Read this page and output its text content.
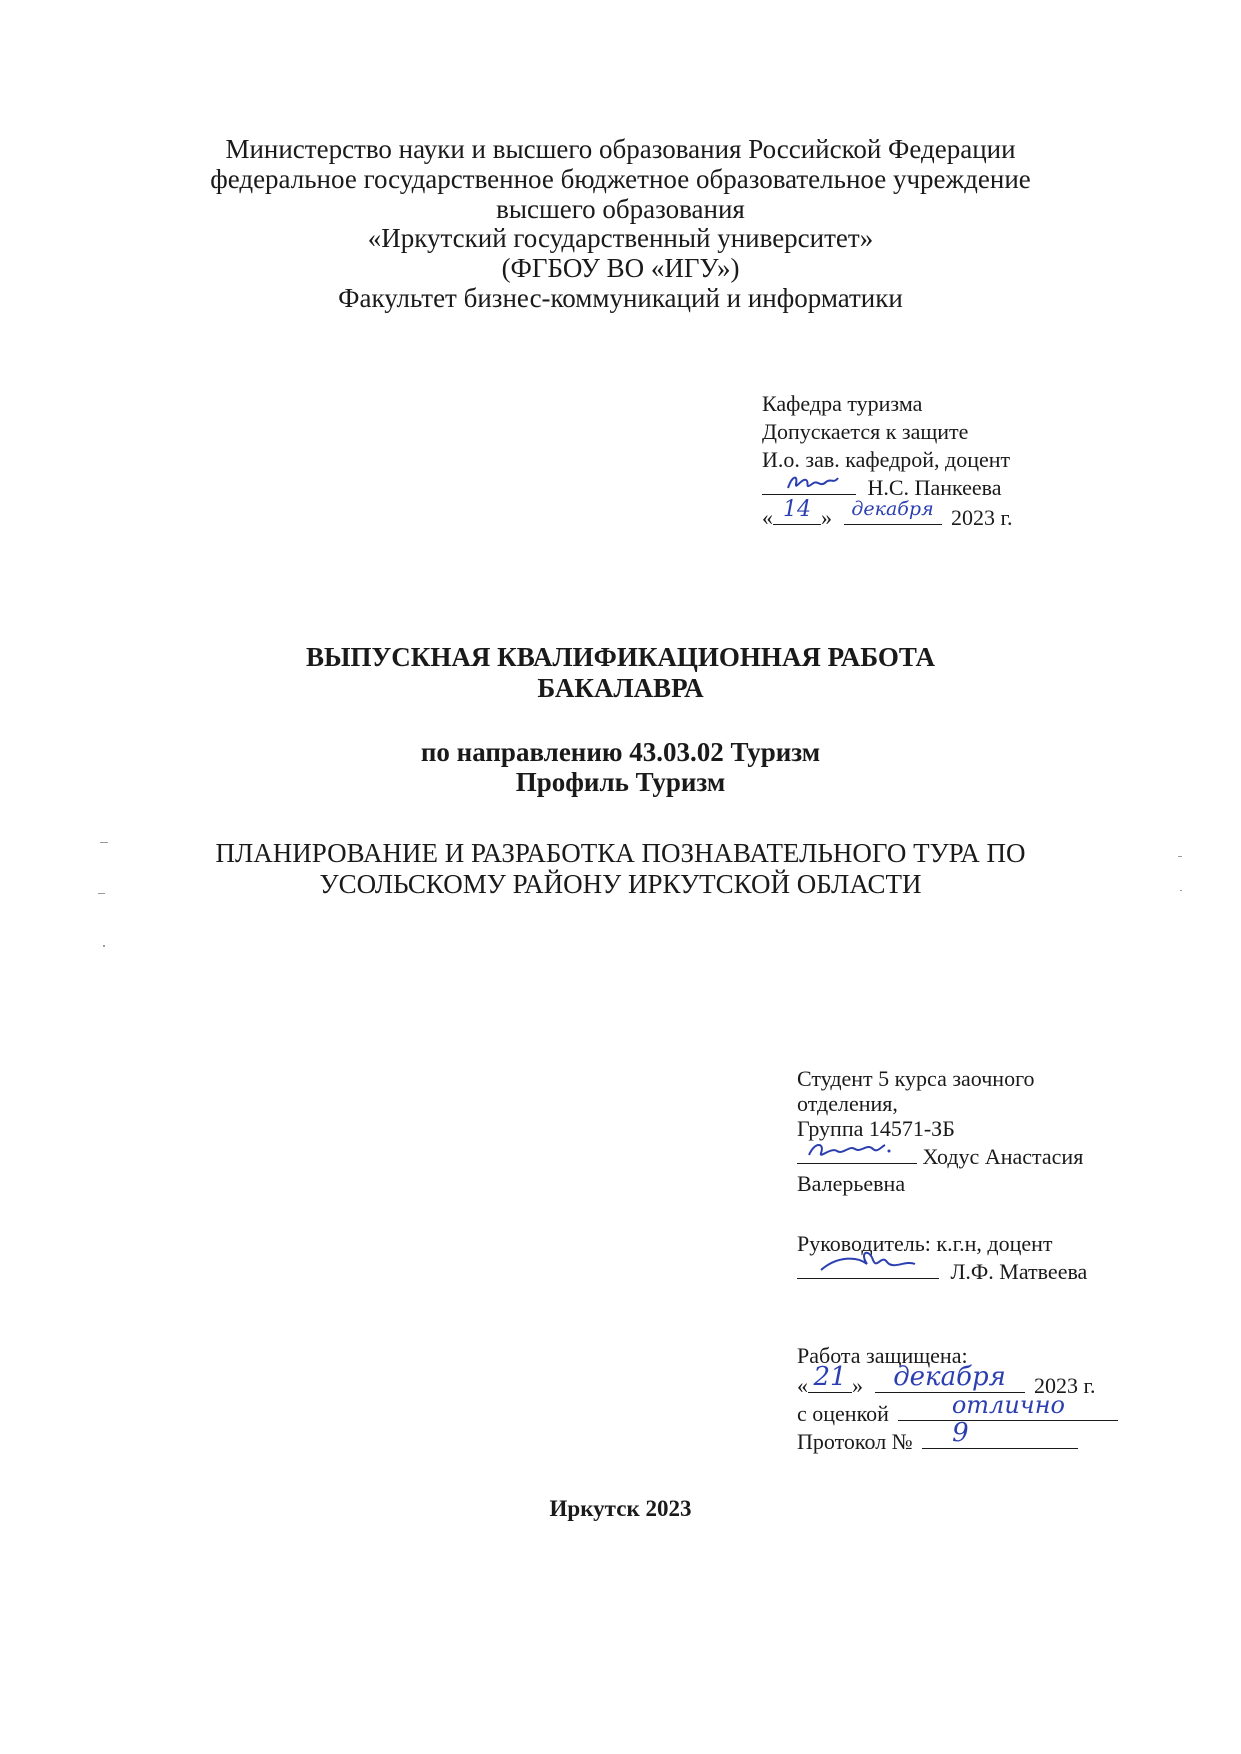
Министерство науки и высшего образования Российской Федерации
федеральное государственное бюджетное образовательное учреждение
высшего образования
«Иркутский государственный университет»
(ФГБОУ ВО «ИГУ»)
Факультет бизнес-коммуникаций и информатики
Кафедра туризма
Допускается к защите
И.о. зав. кафедрой, доцент
Н.С. Панкеева
« 14 »	декабря 2023 г.
ВЫПУСКНАЯ КВАЛИФИКАЦИОННАЯ РАБОТА
БАКАЛАВРА
по направлению 43.03.02 Туризм
Профиль Туризм
ПЛАНИРОВАНИЕ И РАЗРАБОТКА ПОЗНАВАТЕЛЬНОГО ТУРА ПО
УСОЛЬСКОМУ РАЙОНУ ИРКУТСКОЙ ОБЛАСТИ
Студент 5 курса заочного
отделения,
Группа 14571-ЗБ
Ходус Анастасия
Валерьевна
Руководитель: к.г.н, доцент
Л.Ф. Матвеева
Работа защищена:
« 21 »	декабря	2023 г.
с оценкой	отлично
Протокол №	9
Иркутск 2023
